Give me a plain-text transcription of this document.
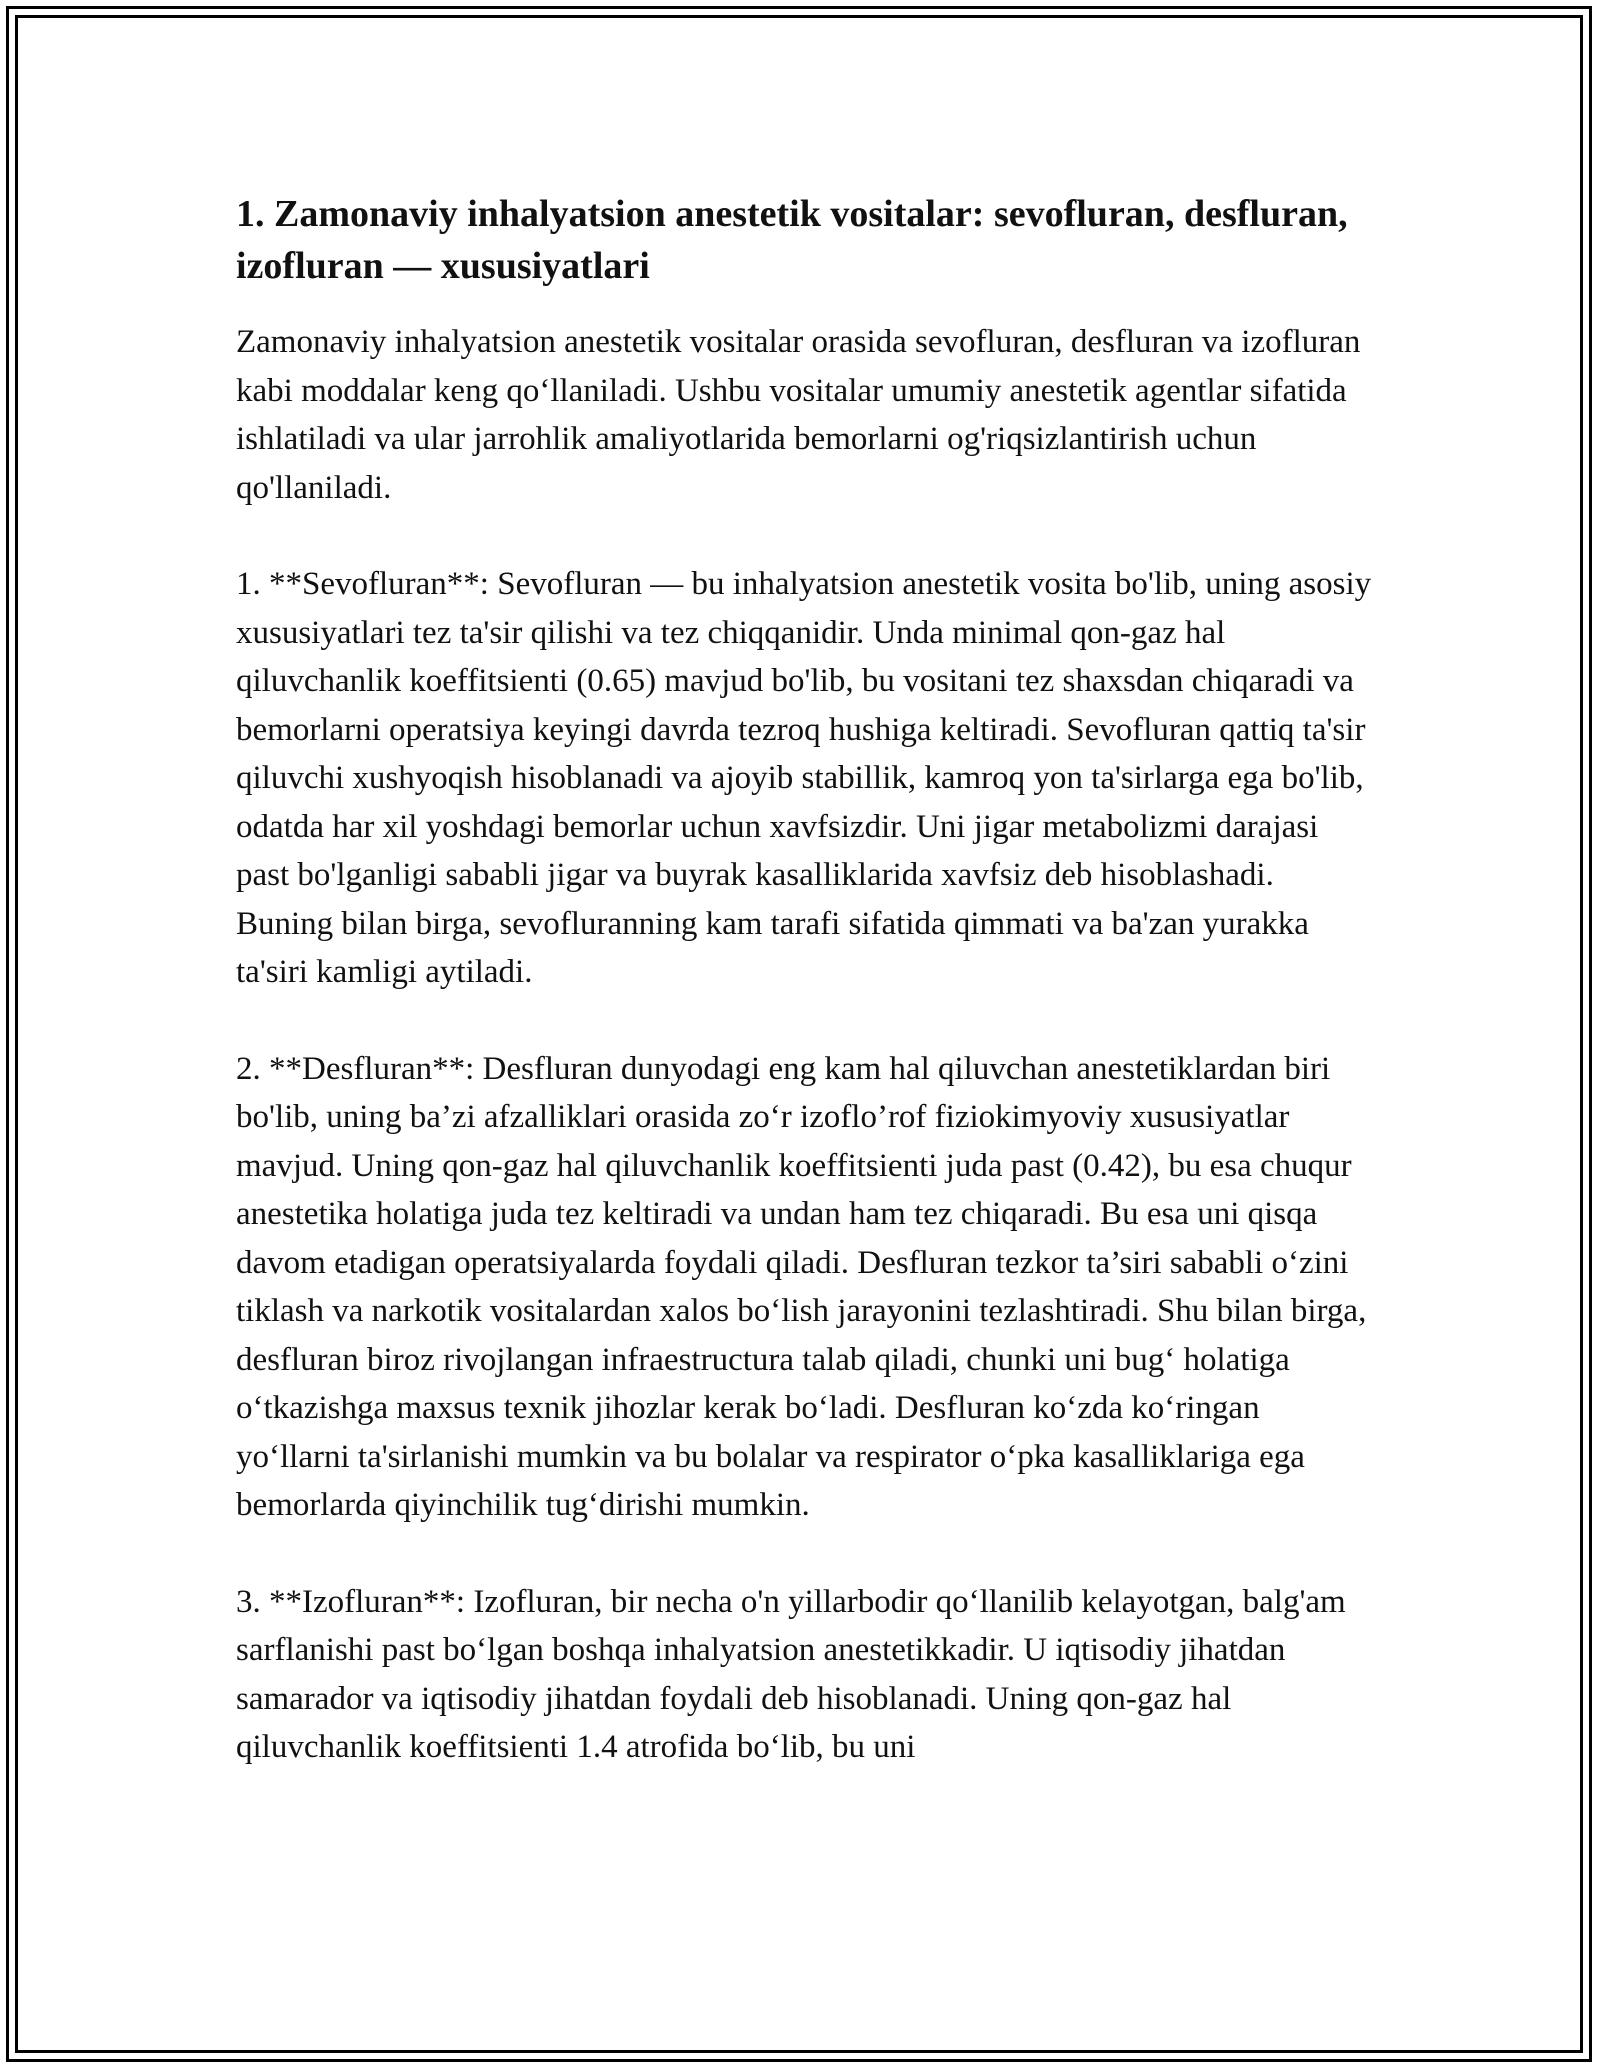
1. Zamonaviy inhalyatsion anestetik vositalar: sevofluran, desfluran, izofluran — xususiyatlari

Zamonaviy inhalyatsion anestetik vositalar orasida sevofluran, desfluran va izofluran kabi moddalar keng qo‘llaniladi. Ushbu vositalar umumiy anestetik agentlar sifatida ishlatiladi va ular jarrohlik amaliyotlarida bemorlarni og'riqsizlantirish uchun qo'llaniladi.

1. **Sevofluran**: Sevofluran — bu inhalyatsion anestetik vosita bo'lib, uning asosiy xususiyatlari tez ta'sir qilishi va tez chiqqanidir. Unda minimal qon-gaz hal qiluvchanlik koeffitsienti (0.65) mavjud bo'lib, bu vositani tez shaxsdan chiqaradi va bemorlarni operatsiya keyingi davrda tezroq hushiga keltiradi. Sevofluran qattiq ta'sir qiluvchi xushyoqish hisoblanadi va ajoyib stabillik, kamroq yon ta'sirlarga ega bo'lib, odatda har xil yoshdagi bemorlar uchun xavfsizdir. Uni jigar metabolizmi darajasi past bo'lganligi sababli jigar va buyrak kasalliklarida xavfsiz deb hisoblashadi. Buning bilan birga, sevofluranning kam tarafi sifatida qimmati va ba'zan yurakka ta'siri kamligi aytiladi.

2. **Desfluran**: Desfluran dunyodagi eng kam hal qiluvchan anestetiklardan biri bo'lib, uning ba’zi afzalliklari orasida zo‘r izoflo’rof fiziokimyoviy xususiyatlar mavjud. Uning qon-gaz hal qiluvchanlik koeffitsienti juda past (0.42), bu esa chuqur anestetika holatiga juda tez keltiradi va undan ham tez chiqaradi. Bu esa uni qisqa davom etadigan operatsiyalarda foydali qiladi. Desfluran tezkor ta’siri sababli o‘zini tiklash va narkotik vositalardan xalos bo‘lish jarayonini tezlashtiradi. Shu bilan birga, desfluran biroz rivojlangan infraestructura talab qiladi, chunki uni bug‘ holatiga o‘tkazishga maxsus texnik jihozlar kerak bo‘ladi. Desfluran ko‘zda ko‘ringan yo‘llarni ta'sirlanishi mumkin va bu bolalar va respirator o‘pka kasalliklariga ega bemorlarda qiyinchilik tug‘dirishi mumkin.

3. **Izofluran**: Izofluran, bir necha o'n yillarbodir qo‘llanilib kelayotgan, balg'am sarflanishi past bo‘lgan boshqa inhalyatsion anestetikkadir. U iqtisodiy jihatdan samarador va iqtisodiy jihatdan foydali deb hisoblanadi. Uning qon-gaz hal qiluvchanlik koeffitsienti 1.4 atrofida bo‘lib, bu uni
